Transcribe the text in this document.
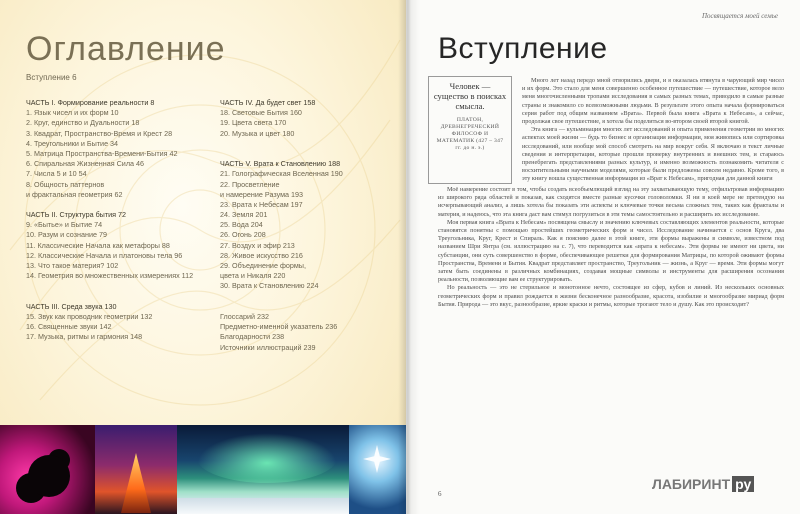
Оглавление
Вступление 6
ЧАСТЬ I. Формирование реальности 8
1. Язык чисел и их форм 10
2. Круг, единство и Дуальности 18
3. Квадрат, Пространство-Время и Крест 28
4. Треугольники и Бытие 34
5. Матрица Пространства-Времени-Бытия 42
6. Спиральная Жизненная Сила 46
7. Числа 5 и 10 54
8. Общность паттернов
и фрактальная геометрия 62
ЧАСТЬ II. Структура бытия 72
9. «Бытье» и Бытие 74
10. Разум и сознание 79
11. Классические Начала как метафоры 88
12. Классические Начала и платоновы тела 96
13. Что такое материя? 102
14. Геометрия во множественных измерениях 112
ЧАСТЬ III. Среда звука 130
15. Звук как проводник геометрии 132
16. Священные звуки 142
17. Музыка, ритмы и гармония 148
ЧАСТЬ IV. Да будет свет 158
18. Световые Бытия 160
19. Цвета света 170
20. Музыка и цвет 180
ЧАСТЬ V. Врата к Становлению 188
21. Голографическая Вселенная 190
22. Просветление
и намерение Разума 193
23. Врата к Небесам 197
24. Земля 201
25. Вода 204
26. Огонь 208
27. Воздух и эфир 213
28. Живое искусство 216
29. Объединение формы,
цвета и Никаля 220
30. Врата к Становлению 224
Глоссарий 232
Предметно-именной указатель 236
Благодарности 238
Источники иллюстраций 239
Посвящается моей семье
Вступление
Человек — существо в поисках смысла.
ПЛАТОН, ДРЕВНЕГРЕЧЕСКИЙ ФИЛОСОФ И МАТЕМАТИК (427 – 347 гг. до н. э.)

Много лет назад передо мной отворились двери, и я оказалась втянута в чарующий мир чисел и их форм. Это стало для меня совершенно особенное путешествие — путешествие, которое вело меня многочисленными тропами исследования в самых разных темах, приводило в самые разные страны и знакомило со всевозможными людьми. В результате этого опыта начала формироваться серия работ под общим названием «Врата». Первой была книга «Врата к Небесам», а сейчас, продолжая свое путешествие, я хотела бы поделиться во-втором своей второй книгой.

Эта книга — кульминация многих лет исследований и опыта применения геометрии во многих аспектах моей жизни — будь то бизнес и организация информации, моя живопись или сортировка исследований, или вообще мой способ смотреть на мир вокруг себя. Я включаю в текст личные сведения и интерпретации, которые прошли проверку внутренних и внешних тем, и стараюсь пренебрегать представлениями разных культур, и именно возможность познакомить читателя с восхитительными научными моделями, которые были предложены совсем недавно. Кроме того, в эту книгу вошла существенная информация из «Врат к Небесам», пригодная для данной книги

Моё намерение состоит в том, чтобы создать всеобъемлющий взгляд на эту захватывающую тему, отфильтровав информацию из широкого ряда областей и показав, как сходятся вместе разные кусочки головоломки. Я ни в коей мере не претендую на исчерпывающий анализ, а лишь хотела бы показать эти аспекты и ключевые точки весьма сложных тем, таких как фракталы и материя, и надеюсь, что эта книга даст вам стимул погрузиться в эти темы самостоятельно и расширить их исследование.

Моя первая книга «Врата к Небесам» посвящена смыслу и значению ключевых составляющих элементов реальности, которые становятся понятны с помощью простейших геометрических форм и чисел. Исследование начинается с основ Круга, два Треугольника, Круг, Крест и Спираль. Как я поясняю далее в этой книге, эти формы выражены в символе, известном под названием Шри Янтра (см. иллюстрацию на с. 7), что переводится как «врата к небесам». Эти формы не имеют ни цвета, ни субстанции, они суть совершенство в форме, обеспечивающее решетки для формирования Матрицы, по которой оживают формы Пространства, Времени и Бытия. Квадрат представляет пространство, Треугольник — жизнь, а Круг — время. Эти формы могут затем быть соединены в различных комбинациях, создавая мощные символы и инструменты для расширения осознания реальности, позволяющие вам ее структурировать.

Но реальность — это не стерильное и монотонное нечто, состоящее из сфер, кубов и линий. Из нескольких основных геометрических форм и правил рождается в жизни бесконечное разнообразие, красота, изобилие и многообразие мириад форм Бытия. Природа — это вкус, разнообразие, яркие краски и ритмы, которые трогают тело и душу. Как это происходит?

6
ЛАБИРИНТ ру
